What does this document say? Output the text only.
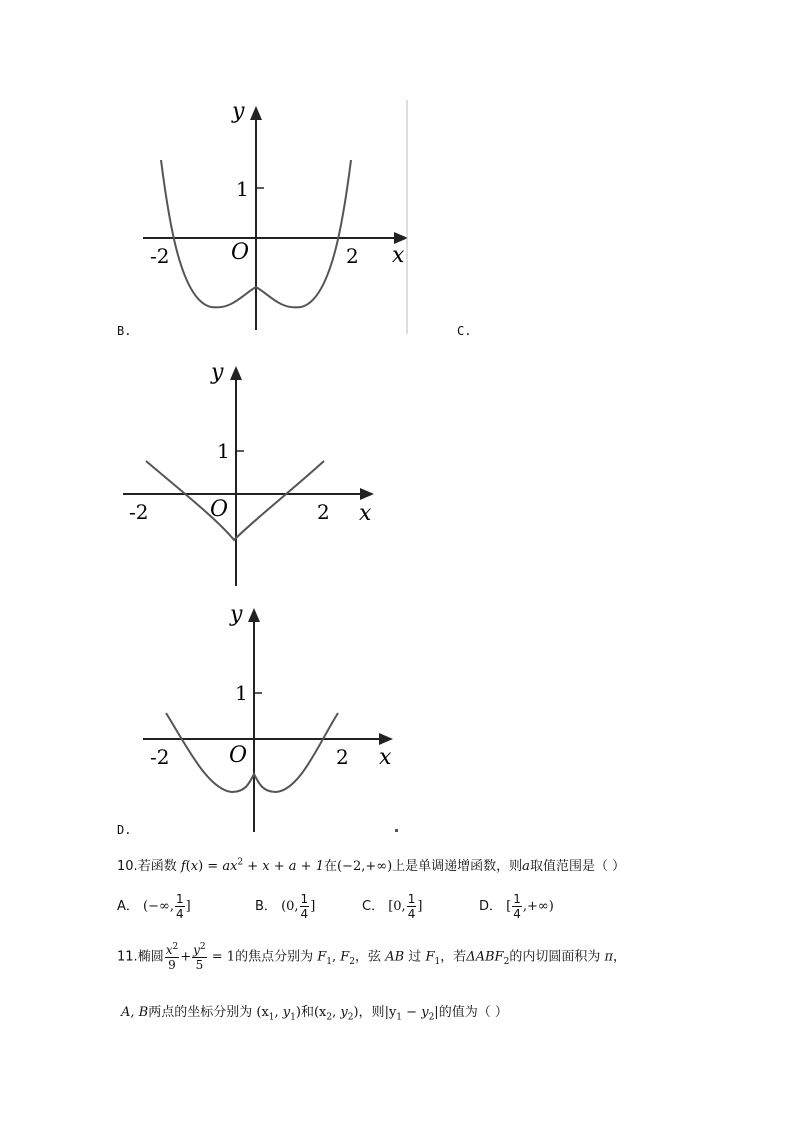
y
x
O
1
-2	2
B.	C.
y
x
O
1
-2	2
y
x
O
1
-2	2
D.
10.若函数 $f(x) = ax^2 + x + a + 1$在(−2,+∞)上是单调递增函数，则a取值范围是（ ）
A． (−∞, $\frac{1}{4}$ ]	B． (0, $\frac{1}{4}$ ]	C． [0, $\frac{1}{4}$ ]	D． [ $\frac{1}{4}$ ,+∞)
11.椭圆 $\frac{x^2}{9} + \frac{y^2}{5} = 1$的焦点分别为 $F_1$, $F_2$，弦 AB 过 $F_1$，若$\Delta ABF_2$的内切圆面积为 π，
A, B两点的坐标分别为 ($x_1$, $y_1$)和($x_2$, $y_2$)，则$|y_1 - y_2|$的值为（ ）
